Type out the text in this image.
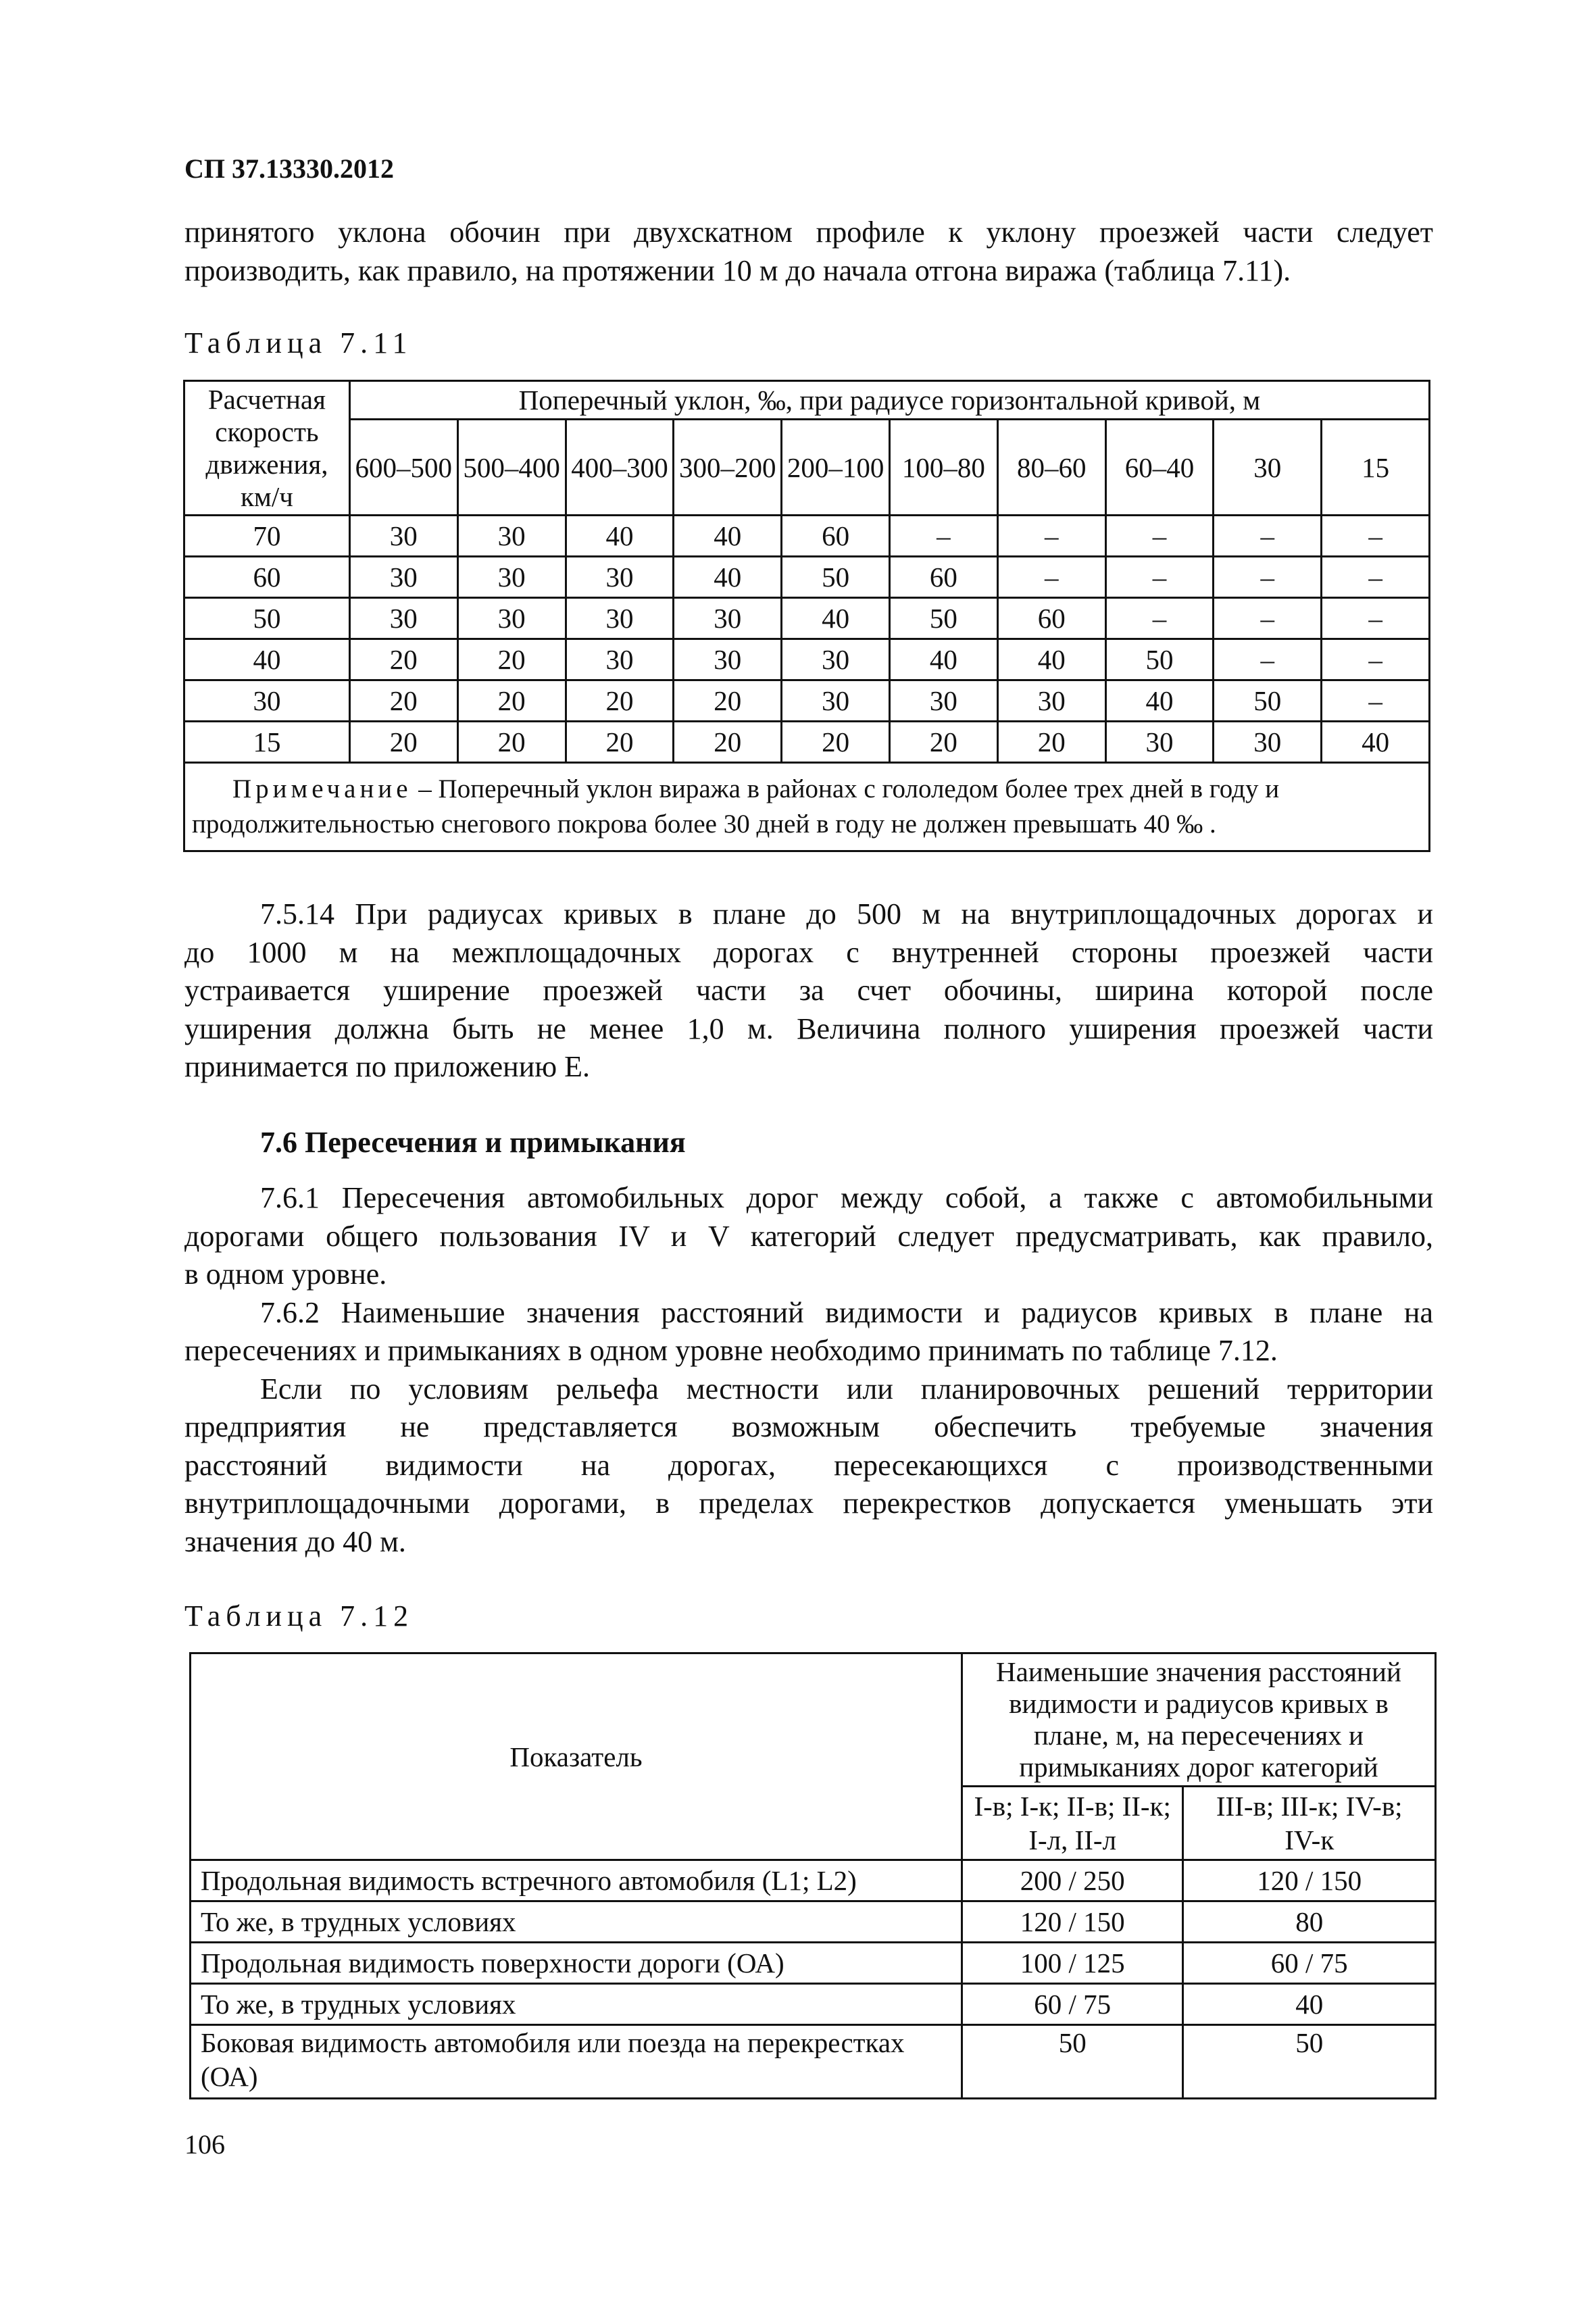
СП 37.13330.2012
принятого уклона обочин при двухскатном профиле к уклону проезжей части следует
производить, как правило, на протяжении 10 м до начала отгона виража (таблица 7.11).
Таблица 7.11
Расчетная скорость движения, км/ч	Поперечный уклон, ‰, при радиусе горизонтальной кривой, м									
	600–500	500–400	400–300	300–200	200–100	100–80	80–60	60–40	30	15
70	30	30	40	40	60	–	–	–	–	–
60	30	30	30	40	50	60	–	–	–	–
50	30	30	30	30	40	50	60	–	–	–
40	20	20	30	30	30	40	40	50	–	–
30	20	20	20	20	30	30	30	40	50	–
15	20	20	20	20	20	20	20	30	30	40
Примечание – Поперечный уклон виража в районах с гололедом более трех дней в году и продолжительностью снегового покрова более 30 дней в году не должен превышать 40 ‰ .										
7.5.14 При радиусах кривых в плане до 500 м на внутриплощадочных дорогах и
до 1000 м на межплощадочных дорогах с внутренней стороны проезжей части
устраивается уширение проезжей части за счет обочины, ширина которой после
уширения должна быть не менее 1,0 м. Величина полного уширения проезжей части
принимается по приложению Е.
7.6 Пересечения и примыкания
7.6.1 Пересечения автомобильных дорог между собой, а также с автомобильными
дорогами общего пользования IV и V категорий следует предусматривать, как правило,
в одном уровне.
7.6.2 Наименьшие значения расстояний видимости и радиусов кривых в плане на
пересечениях и примыканиях в одном уровне необходимо принимать по таблице 7.12.
Если по условиям рельефа местности или планировочных решений территории
предприятия не представляется возможным обеспечить требуемые значения
расстояний видимости на дорогах, пересекающихся с производственными
внутриплощадочными дорогами, в пределах перекрестков допускается уменьшать эти
значения до 40 м.
Таблица 7.12
Показатель	Наименьшие значения расстояний видимости и радиусов кривых в плане, м, на пересечениях и примыканиях дорог категорий	
	I-в; I-к; II-в; II-к; I-л, II-л	III-в; III-к; IV-в; IV-к
Продольная видимость встречного автомобиля (L1; L2)	200 / 250	120 / 150
То же, в трудных условиях	120 / 150	80
Продольная видимость поверхности дороги (ОА)	100 / 125	60 / 75
То же, в трудных условиях	60 / 75	40
Боковая видимость автомобиля или поезда на перекрестках (ОА)	50	50
106
